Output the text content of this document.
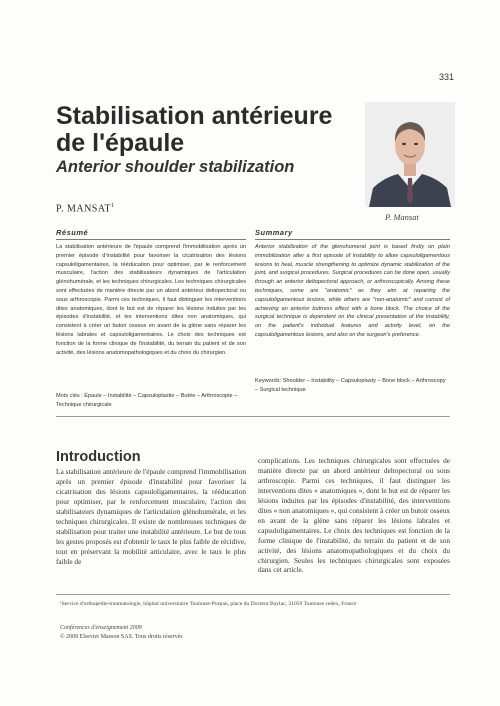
331
Stabilisation antérieure de l'épaule
Anterior shoulder stabilization
P. MANSAT$^1$
P. Mansat
Résumé	Summary

La stabilisation antérieure de l'épaule comprend l'immobilisation après un premier épisode d'instabilité pour favoriser la cicatrisation des lésions capsuloligamentaires, la rééducation pour optimiser, par le renforcement musculaire, l'action des stabilisateurs dynamiques de l'articulation glénohumérale, et les techniques chirurgicales. Les techniques chirurgicales sont effectuées de manière directe par un abord antérieur deltopectoral ou sous arthroscopie. Parmi ces techniques, il faut distinguer les interventions dites anatomiques, dont le but est de réparer les lésions induites par les épisodes d'instabilité, et les interventions dites non anatomiques, qui consistent à créer un butoir osseux en avant de la glène sans réparer les lésions labrales et capsuloligamentaires. Le choix des techniques est fonction de la forme clinique de l'instabilité, du terrain du patient et de son activité, des lésions anatomopathologiques et du choix du chirurgien.

Anterior stabilization of the glenohumeral joint is based firstly on plain immobilization after a first episode of instability to allow capsuloligamentous lesions to heal, muscle strengthening to optimize dynamic stabilization of the joint, and surgical procedures. Surgical procedures can be done open, usually through an anterior deltopectoral approach, or arthroscopically. Among these techniques, some are "anatomic" as they aim at repairing the capsuloligamentous lesions, while others are "non-anatomic" and consist of achieving an anterior buttress effect with a bone block. The choice of the surgical technique is dependent on the clinical presentation of the instability, on the patient's individual features and activity level, on the capsuloligamentous lesions, and also on the surgeon's preference.

Mots clés : Épaule – Instabilité – Capsuloplastie – Butée – Arthroscopie – Technique chirurgicale
Keywords: Shoulder – Instability – Capsuloplasty – Bone block – Arthroscopy – Surgical technique
Introduction

La stabilisation antérieure de l'épaule comprend l'immobilisation après un premier épisode d'instabilité pour favoriser la cicatrisation des lésions capsuloligamentaires, la rééducation pour optimiser, par le renforcement musculaire, l'action des stabilisateurs dynamiques de l'articulation glénohumérale, et les techniques chirurgicales. Il existe de nombreuses techniques de stabilisation pour traiter une instabilité antérieure. Le but de tous les gestes proposés est d'obtenir le taux le plus faible de récidive, tout en préservant la mobilité articulaire, avec le taux le plus faible de

complications. Les techniques chirurgicales sont effectuées de manière directe par un abord antérieur deltopectoral ou sous arthroscopie. Parmi ces techniques, il faut distinguer les interventions dites « anatomiques », dont le but est de réparer les lésions induites par les épisodes d'instabilité, des interventions dites « non anatomiques », qui consistent à créer un butoir osseux en avant de la glène sans réparer les lésions labrales et capsuloligamentaires. Le choix des techniques est fonction de la forme clinique de l'instabilité, du terrain du patient et de son activité, des lésions anatomopathologiques et du choix du chirurgien. Seules les techniques chirurgicales sont exposées dans cet article.

¹Service d'orthopédie-traumatologie, hôpital universitaire Toulouse-Purpan, place du Docteur Baylac, 31059 Toulouse cedex, France
Conférences d'enseignement 2009
© 2009 Elsevier Masson SAS. Tous droits réservés
